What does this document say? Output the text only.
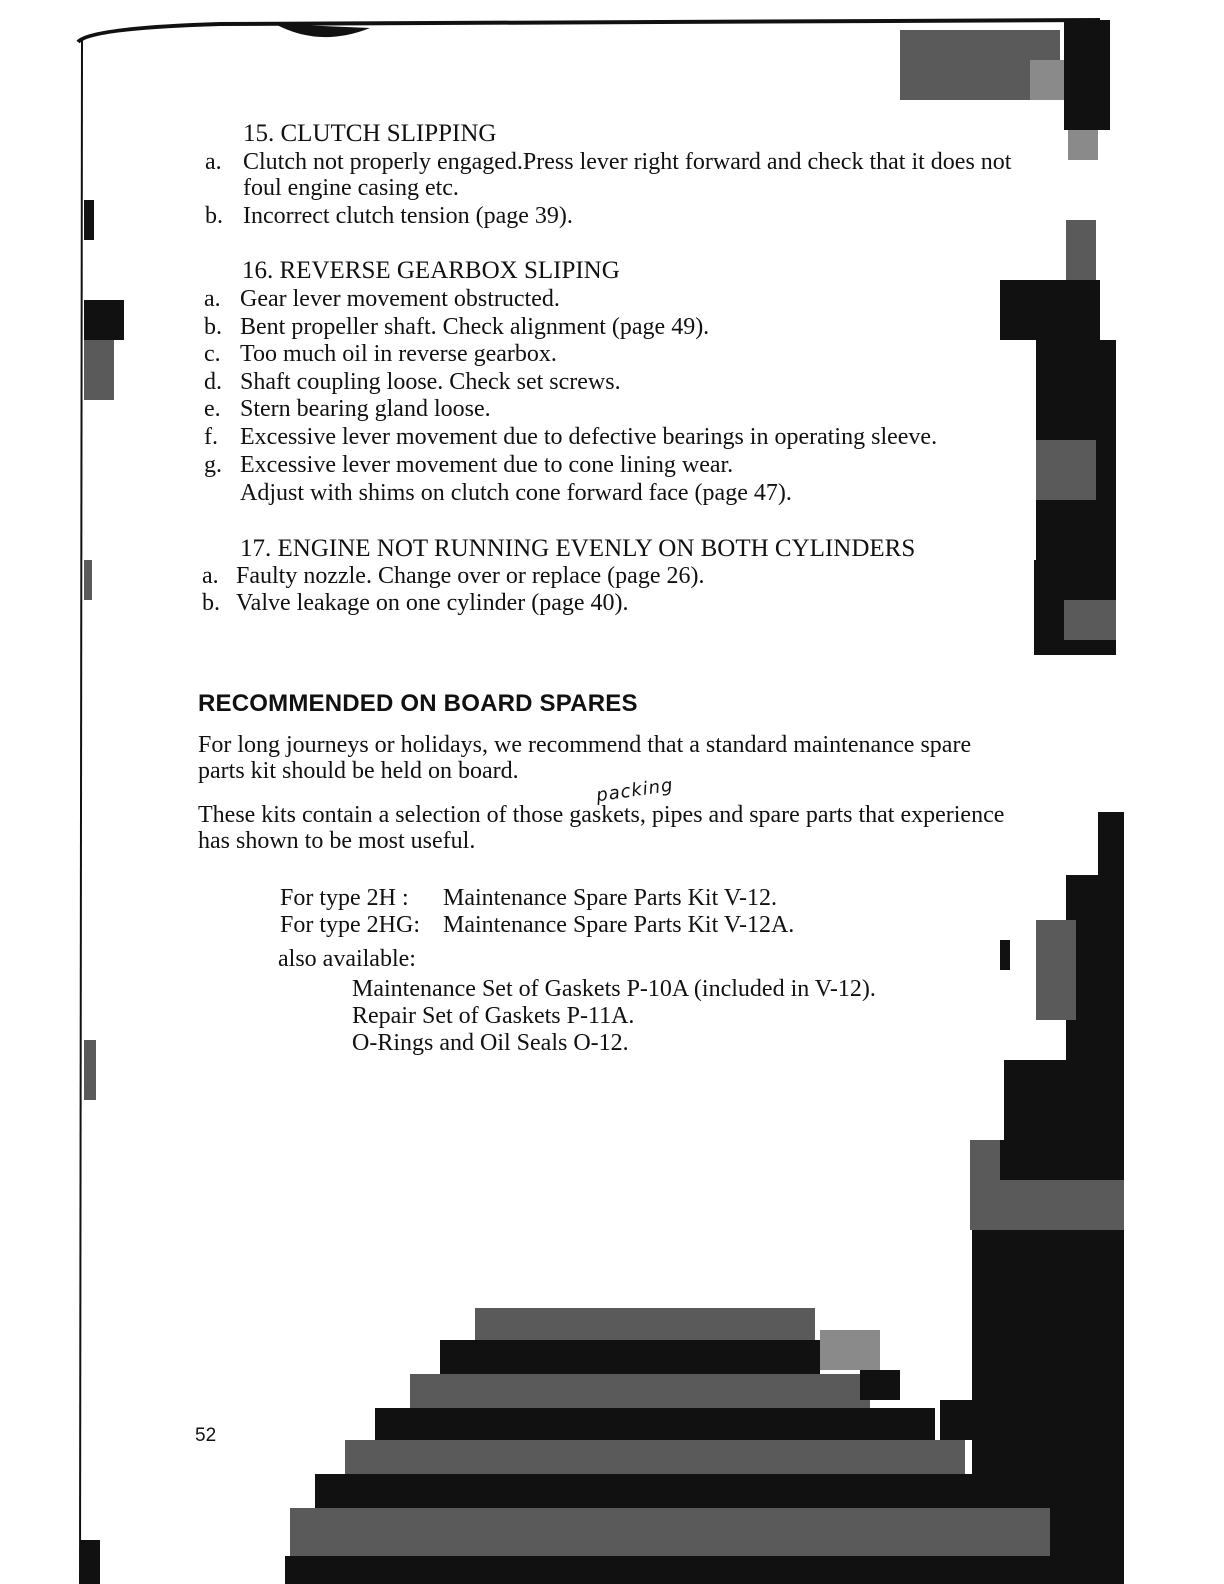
15. CLUTCH SLIPPING
a. Clutch not properly engaged.Press lever right forward and check that it does not
foul engine casing etc.
b. Incorrect clutch tension (page 39).
16. REVERSE GEARBOX SLIPING
a. Gear lever movement obstructed.
b. Bent propeller shaft. Check alignment (page 49).
c. Too much oil in reverse gearbox.
d. Shaft coupling loose. Check set screws.
e. Stern bearing gland loose.
f. Excessive lever movement due to defective bearings in operating sleeve.
g. Excessive lever movement due to cone lining wear.
Adjust with shims on clutch cone forward face (page 47).
17. ENGINE NOT RUNNING EVENLY ON BOTH CYLINDERS
a. Faulty nozzle. Change over or replace (page 26).
b. Valve leakage on one cylinder (page 40).
RECOMMENDED ON BOARD SPARES
For long journeys or holidays, we recommend that a standard maintenance spare
parts kit should be held on board.
packing
These kits contain a selection of those gaskets, pipes and spare parts that experience
has shown to be most useful.
For type 2H : Maintenance Spare Parts Kit V-12.
For type 2HG: Maintenance Spare Parts Kit V-12A.
also available:
Maintenance Set of Gaskets P-10A (included in V-12).
Repair Set of Gaskets P-11A.
O-Rings and Oil Seals O-12.
52
